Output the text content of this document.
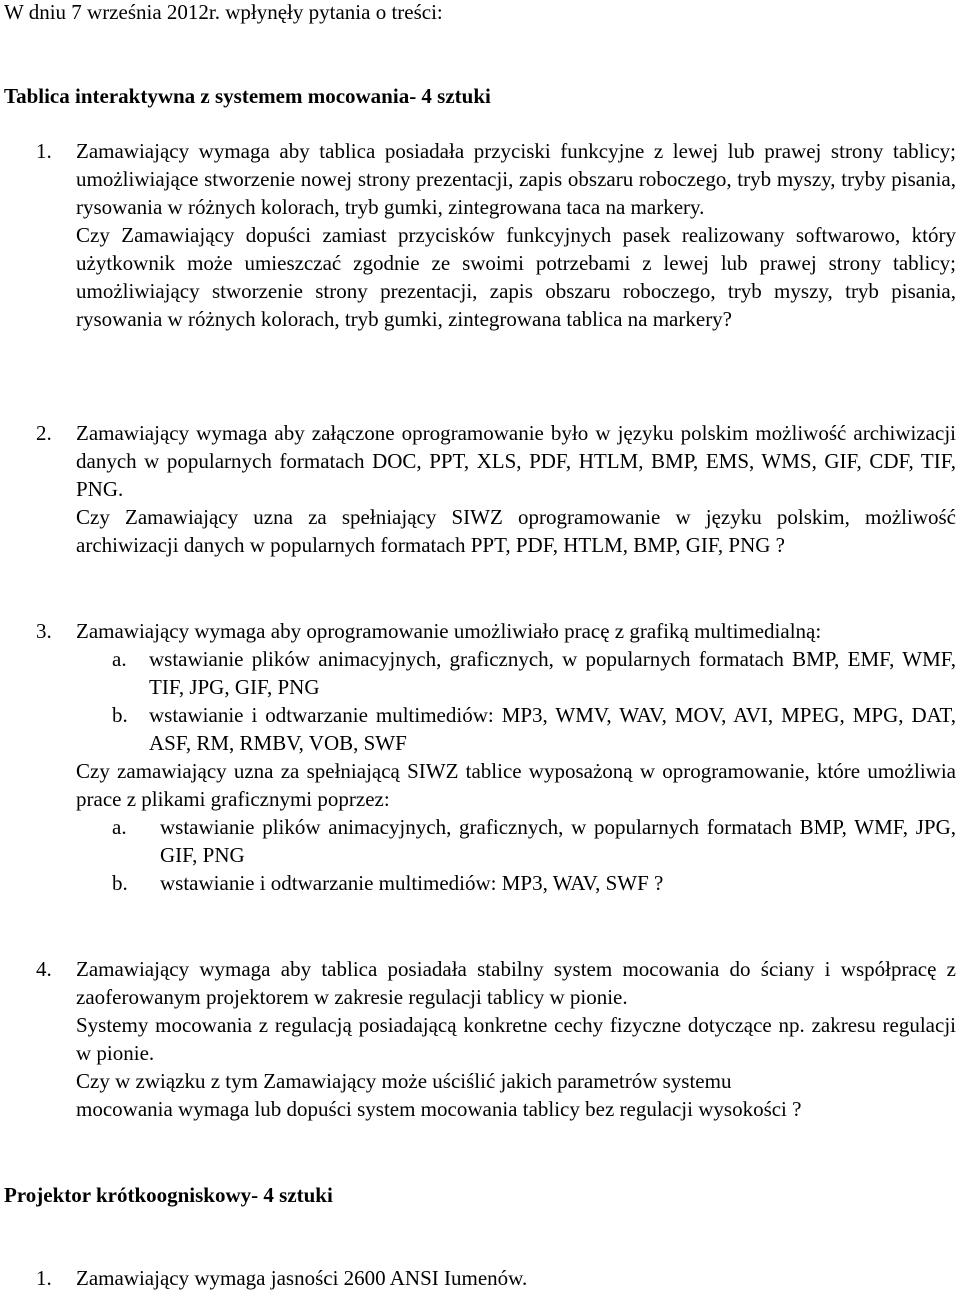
W dniu 7 września 2012r. wpłynęły pytania o treści:
Tablica interaktywna z systemem mocowania- 4 sztuki
1. Zamawiający wymaga aby tablica posiadała przyciski funkcyjne z lewej lub prawej strony tablicy; umożliwiające stworzenie nowej strony prezentacji, zapis obszaru roboczego, tryb myszy, tryby pisania, rysowania w różnych kolorach, tryb gumki, zintegrowana taca na markery.

Czy Zamawiający dopuści zamiast przycisków funkcyjnych pasek realizowany softwarowo, który użytkownik może umieszczać zgodnie ze swoimi potrzebami z lewej lub prawej strony tablicy; umożliwiający stworzenie strony prezentacji, zapis obszaru roboczego, tryb myszy, tryb pisania, rysowania w różnych kolorach, tryb gumki, zintegrowana tablica na markery?

2. Zamawiający wymaga aby załączone oprogramowanie było w języku polskim możliwość archiwizacji danych w popularnych formatach DOC, PPT, XLS, PDF, HTLM, BMP, EMS, WMS, GIF, CDF, TIF, PNG.

Czy Zamawiający uzna za spełniający SIWZ oprogramowanie w języku polskim, możliwość archiwizacji danych w popularnych formatach PPT, PDF, HTLM, BMP, GIF, PNG ?

3. Zamawiający wymaga aby oprogramowanie umożliwiało pracę z grafiką multimedialną:

a. wstawianie plików animacyjnych, graficznych, w popularnych formatach BMP, EMF, WMF, TIF, JPG, GIF, PNG

b. wstawianie i odtwarzanie multimediów: MP3, WMV, WAV, MOV, AVI, MPEG, MPG, DAT, ASF, RM, RMBV, VOB, SWF

Czy zamawiający uzna za spełniającą SIWZ tablice wyposażoną w oprogramowanie, które umożliwia prace z plikami graficznymi poprzez:

a. wstawianie plików animacyjnych, graficznych, w popularnych formatach BMP, WMF, JPG, GIF, PNG

b. wstawianie i odtwarzanie multimediów: MP3, WAV, SWF ?

4. Zamawiający wymaga aby tablica posiadała stabilny system mocowania do ściany i współpracę z zaoferowanym projektorem w zakresie regulacji tablicy w pionie.

Systemy mocowania z regulacją posiadającą konkretne cechy fizyczne dotyczące np. zakresu regulacji w pionie.

Czy w związku z tym Zamawiający może uściślić jakich parametrów systemu

mocowania wymaga lub dopuści system mocowania tablicy bez regulacji wysokości ?

Projektor krótkoogniskowy- 4 sztuki
1. Zamawiający wymaga jasności 2600 ANSI Iumenów.
